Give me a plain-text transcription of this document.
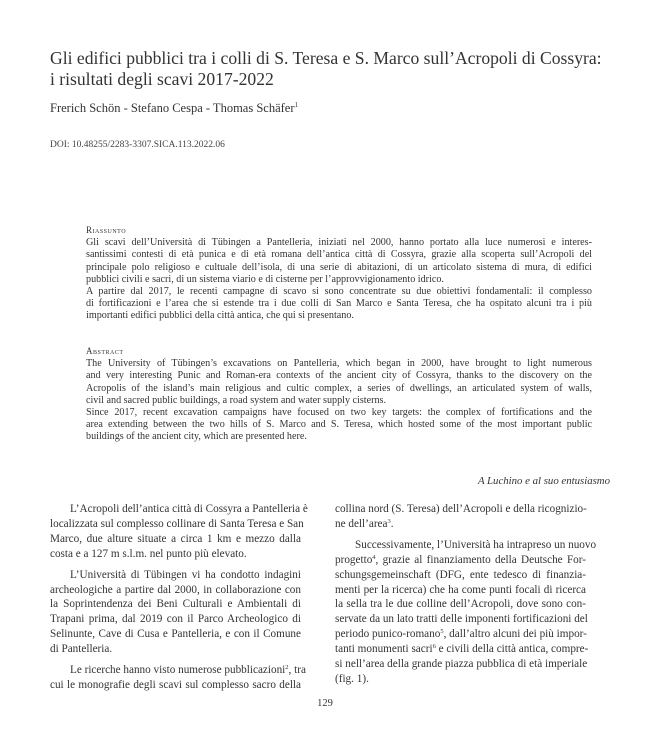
Gli edifici pubblici tra i colli di S. Teresa e S. Marco sull’Acropoli di Cossyra:
i risultati degli scavi 2017-2022
Frerich Schön - Stefano Cespa - Thomas Schäfer$^1$
DOI: 10.48255/2283-3307.SICA.113.2022.06
Riassunto
Gli scavi dell’Università di Tübingen a Pantelleria, iniziati nel 2000, hanno portato alla luce numerosi e interes-
santissimi contesti di età punica e di età romana dell’antica città di Cossyra, grazie alla scoperta sull’Acropoli del
principale polo religioso e cultuale dell’isola, di una serie di abitazioni, di un articolato sistema di mura, di edifici
pubblici civili e sacri, di un sistema viario e di cisterne per l’approvvigionamento idrico.
A partire dal 2017, le recenti campagne di scavo si sono concentrate su due obiettivi fondamentali: il complesso
di fortificazioni e l’area che si estende tra i due colli di San Marco e Santa Teresa, che ha ospitato alcuni tra i più
importanti edifici pubblici della città antica, che qui si presentano.
Abstract
The University of Tübingen’s excavations on Pantelleria, which began in 2000, have brought to light numerous
and very interesting Punic and Roman-era contexts of the ancient city of Cossyra, thanks to the discovery on the
Acropolis of the island’s main religious and cultic complex, a series of dwellings, an articulated system of walls,
civil and sacred public buildings, a road system and water supply cisterns.
Since 2017, recent excavation campaigns have focused on two key targets: the complex of fortifications and the
area extending between the two hills of S. Marco and S. Teresa, which hosted some of the most important public
buildings of the ancient city, which are presented here.
A Luchino e al suo entusiasmo

L’Acropoli dell’antica città di Cossyra a Pantelleria è
localizzata sul complesso collinare di Santa Teresa e San
Marco, due alture situate a circa 1 km e mezzo dalla
costa e a 127 m s.l.m. nel punto più elevato.

L’Università di Tübingen vi ha condotto indagini
archeologiche a partire dal 2000, in collaborazione con
la Soprintendenza dei Beni Culturali e Ambientali di
Trapani prima, dal 2019 con il Parco Archeologico di
Selinunte, Cave di Cusa e Pantelleria, e con il Comune
di Pantelleria.

Le ricerche hanno visto numerose pubblicazioni$^2$, tra
cui le monografie degli scavi sul complesso sacro della

collina nord (S. Teresa) dell’Acropoli e della ricognizio-
ne dell’area$^3$.

Successivamente, l’Università ha intrapreso un nuovo
progetto$^4$, grazie al finanziamento della Deutsche For-
schungsgemeinschaft (DFG, ente tedesco di finanzia-
menti per la ricerca) che ha come punti focali di ricerca
la sella tra le due colline dell’Acropoli, dove sono con-
servate da un lato tratti delle imponenti fortificazioni del
periodo punico-romano$^5$, dall’altro alcuni dei più impor-
tanti monumenti sacri$^6$ e civili della città antica, compre-
si nell’area della grande piazza pubblica di età imperiale
(fig. 1).

129
